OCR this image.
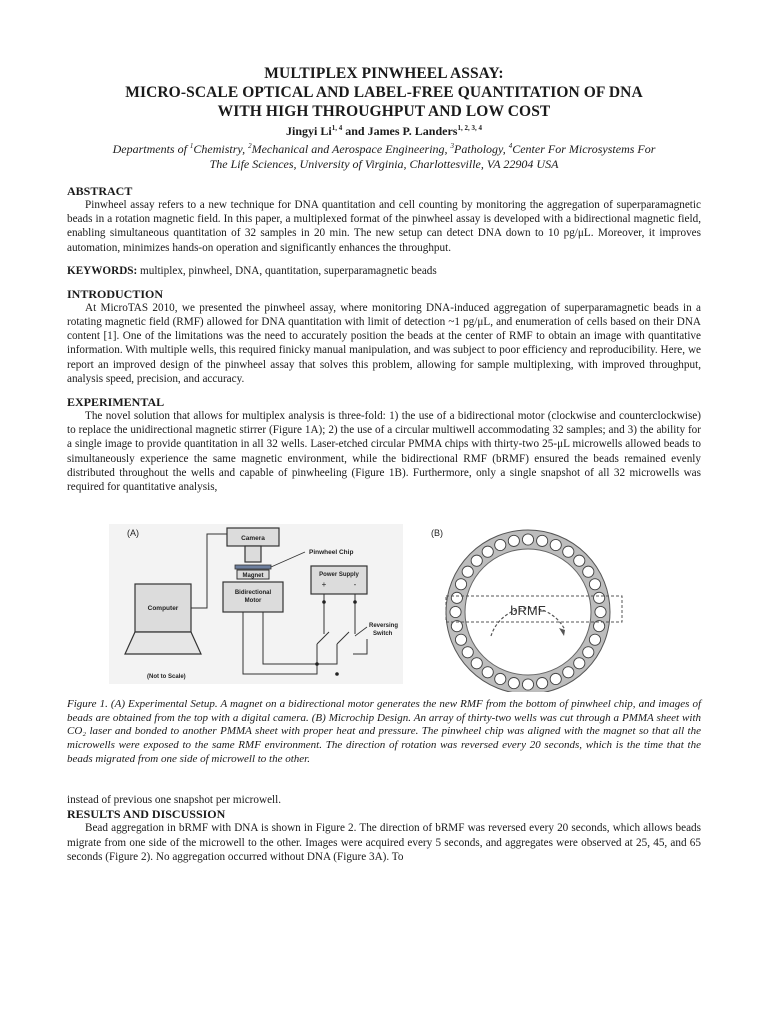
MULTIPLEX PINWHEEL ASSAY:
MICRO-SCALE OPTICAL AND LABEL-FREE QUANTITATION OF DNA
WITH HIGH THROUGHPUT AND LOW COST
Jingyi Li$^{1, 4}$ and James P. Landers$^{1, 2, 3, 4}$
Departments of $^1$Chemistry, $^2$Mechanical and Aerospace Engineering, $^3$Pathology, $^4$Center For Microsystems For
The Life Sciences, University of Virginia, Charlottesville, VA 22904 USA
ABSTRACT

Pinwheel assay refers to a new technique for DNA quantitation and cell counting by monitoring the aggregation of superparamagnetic beads in a rotation magnetic field. In this paper, a multiplexed format of the pinwheel assay is developed with a bidirectional magnetic field, enabling simultaneous quantitation of 32 samples in 20 min. The new setup can detect DNA down to 10 pg/μL. Moreover, it improves automation, minimizes hands-on operation and significantly enhances the throughput.

KEYWORDS: multiplex, pinwheel, DNA, quantitation, superparamagnetic beads
INTRODUCTION

At MicroTAS 2010, we presented the pinwheel assay, where monitoring DNA-induced aggregation of superparamagnetic beads in a rotating magnetic field (RMF) allowed for DNA quantitation with limit of detection ~1 pg/μL, and enumeration of cells based on their DNA content [1]. One of the limitations was the need to accurately position the beads at the center of RMF to obtain an image with quantitative information. With multiple wells, this required finicky manual manipulation, and was subject to poor efficiency and reproducibility. Here, we report an improved design of the pinwheel assay that solves this problem, allowing for sample multiplexing, with improved throughput, analysis speed, precision, and accuracy.

EXPERIMENTAL

The novel solution that allows for multiplex analysis is three-fold: 1) the use of a bidirectional motor (clockwise and counterclockwise) to replace the unidirectional magnetic stirrer (Figure 1A); 2) the use of a circular multiwell accommodating 32 samples; and 3) the ability for a single image to provide quantitation in all 32 wells. Laser-etched circular PMMA chips with thirty-two 25-μL microwells allowed beads to simultaneously experience the same magnetic environment, while the bidirectional RMF (bRMF) ensured the beads remained evenly distributed throughout the wells and capable of pinwheeling (Figure 1B). Furthermore, only a single snapshot of all 32 microwells was required for quantitative analysis,

(A)	(B)
Camera
Pinwheel Chip
Magnet
Bidirectional
Motor
Computer
Power Supply
+	-
Reversing
Switch
(Not to Scale)
bRMF

Figure 1. (A) Experimental Setup. A magnet on a bidirectional motor generates the new RMF from the bottom of pinwheel chip, and images of beads are obtained from the top with a digital camera. (B) Microchip Design. An array of thirty-two wells was cut through a PMMA sheet with CO₂ laser and bonded to another PMMA sheet with proper heat and pressure. The pinwheel chip was aligned with the magnet so that all the microwells were exposed to the same RMF environment. The direction of rotation was reversed every 20 seconds, which is the time that the beads migrated from one side of microwell to the other.

instead of previous one snapshot per microwell.

RESULTS AND DISCUSSION

Bead aggregation in bRMF with DNA is shown in Figure 2. The direction of bRMF was reversed every 20 seconds, which allows beads migrate from one side of the microwell to the other. Images were acquired every 5 seconds, and aggregates were observed at 25, 45, and 65 seconds (Figure 2). No aggregation occurred without DNA (Figure 3A). To
